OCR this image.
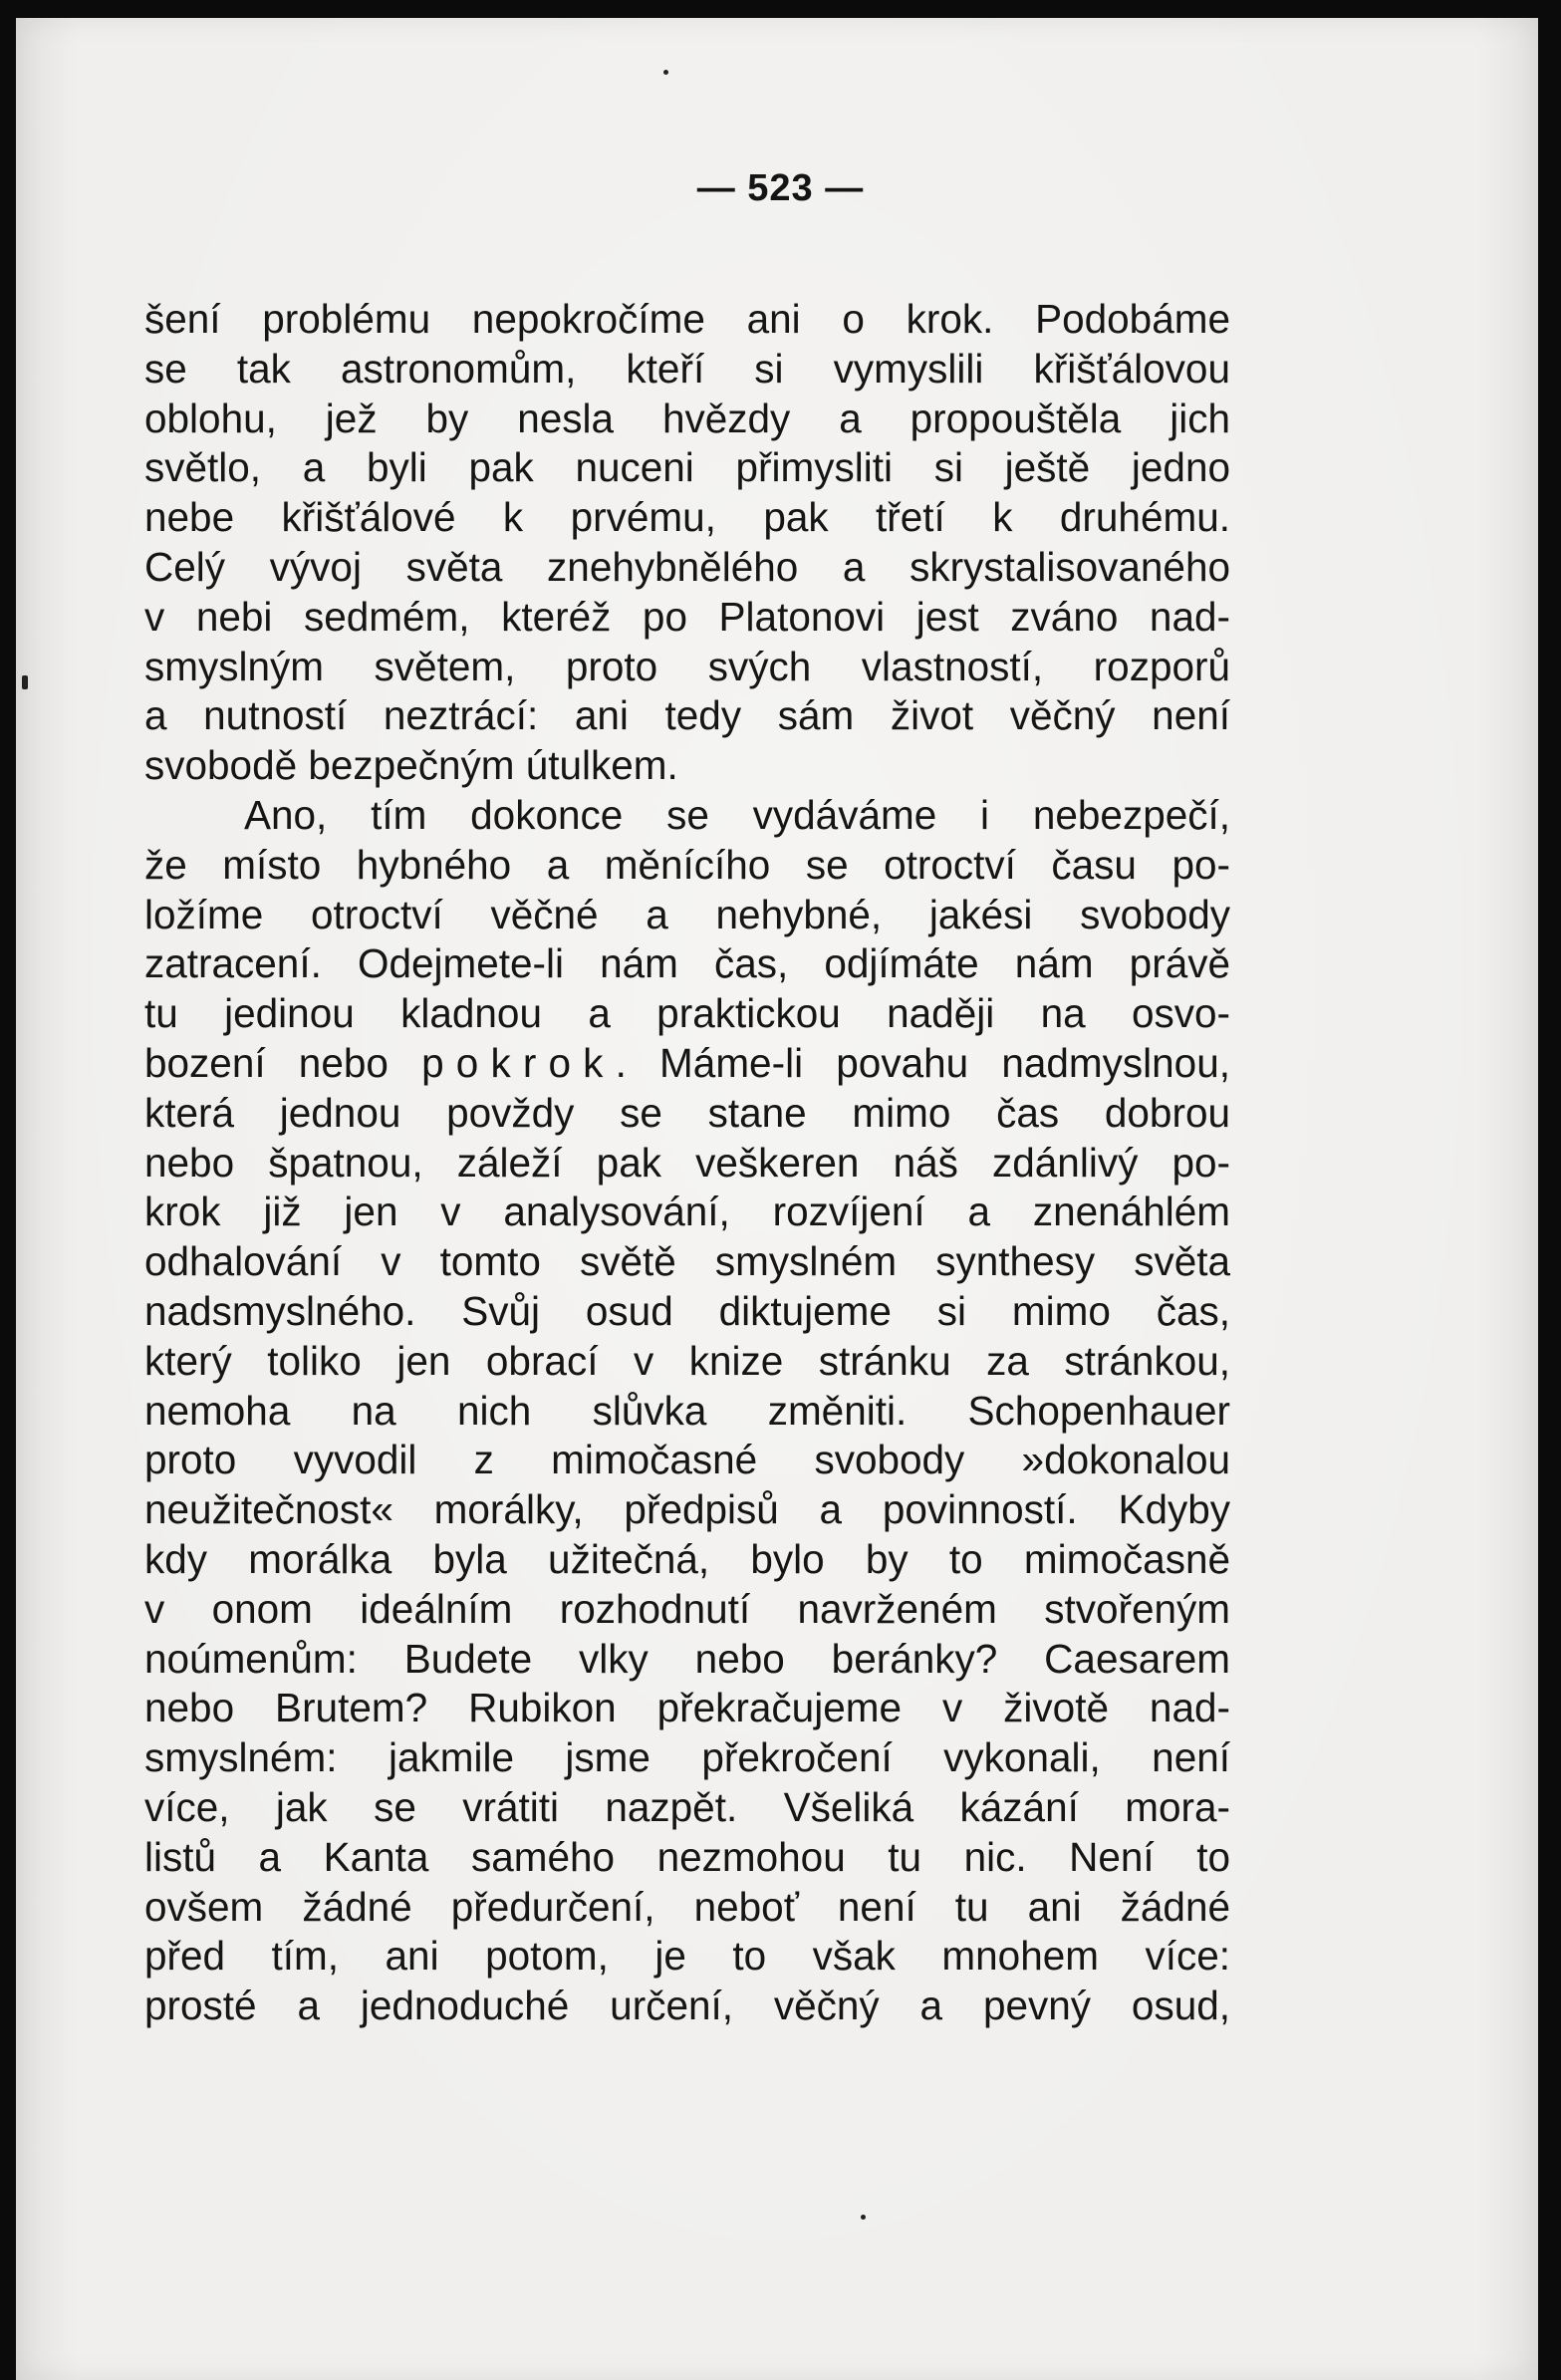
— 523 —
šení problému nepokročíme ani o krok. Podobáme
se tak astronomům, kteří si vymyslili křišťálovou
oblohu, jež by nesla hvězdy a propouštěla jich
světlo, a byli pak nuceni přimysliti si ještě jedno
nebe křišťálové k prvému, pak třetí k druhému.
Celý vývoj světa znehybnělého a skrystalisovaného
v nebi sedmém, kteréž po Platonovi jest zváno nad-
smyslným světem, proto svých vlastností, rozporů
a nutností neztrácí: ani tedy sám život věčný není
svobodě bezpečným útulkem.
Ano, tím dokonce se vydáváme i nebezpečí,
že místo hybného a měnícího se otroctví času po-
ložíme otroctví věčné a nehybné, jakési svobody
zatracení. Odejmete-li nám čas, odjímáte nám právě
tu jedinou kladnou a praktickou naději na osvo-
bození nebo pokrok. Máme-li povahu nadmyslnou,
která jednou povždy se stane mimo čas dobrou
nebo špatnou, záleží pak veškeren náš zdánlivý po-
krok již jen v analysování, rozvíjení a znenáhlém
odhalování v tomto světě smyslném synthesy světa
nadsmyslného. Svůj osud diktujeme si mimo čas,
který toliko jen obrací v knize stránku za stránkou,
nemoha na nich slůvka změniti. Schopenhauer
proto vyvodil z mimočasné svobody »dokonalou
neužitečnost« morálky, předpisů a povinností. Kdyby
kdy morálka byla užitečná, bylo by to mimočasně
v onom ideálním rozhodnutí navrženém stvořeným
noúmenům: Budete vlky nebo beránky? Caesarem
nebo Brutem? Rubikon překračujeme v životě nad-
smyslném: jakmile jsme překročení vykonali, není
více, jak se vrátiti nazpět. Všeliká kázání mora-
listů a Kanta samého nezmohou tu nic. Není to
ovšem žádné předurčení, neboť není tu ani žádné
před tím, ani potom, je to však mnohem více:
prosté a jednoduché určení, věčný a pevný osud,
